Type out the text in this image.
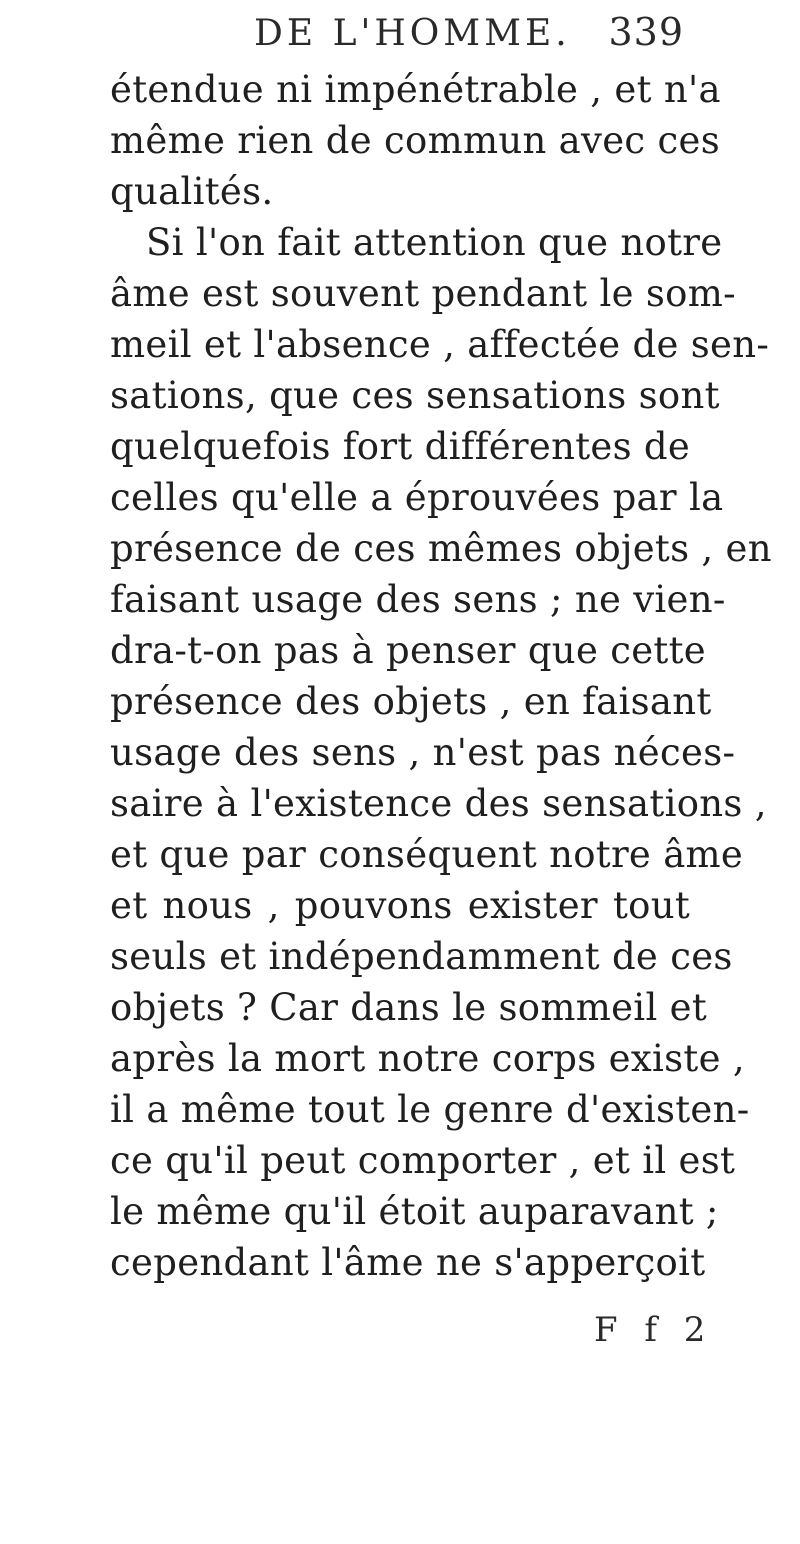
DE L'HOMME. 339
étendue ni impénétrable , et n'a
même rien de commun avec ces
qualités.
Si l'on fait attention que notre
âme est souvent pendant le som-
meil et l'absence , affectée de sen-
sations, que ces sensations sont
quelquefois fort différentes de
celles qu'elle a éprouvées par la
présence de ces mêmes objets , en
faisant usage des sens ; ne vien-
dra-t-on pas à penser que cette
présence des objets , en faisant
usage des sens , n'est pas néces-
saire à l'existence des sensations ,
et que par conséquent notre âme
et nous , pouvons exister tout
seuls et indépendamment de ces
objets ? Car dans le sommeil et
après la mort notre corps existe ,
il a même tout le genre d'existen-
ce qu'il peut comporter , et il est
le même qu'il étoit auparavant ;
cependant l'âme ne s'apperçoit
F f 2
